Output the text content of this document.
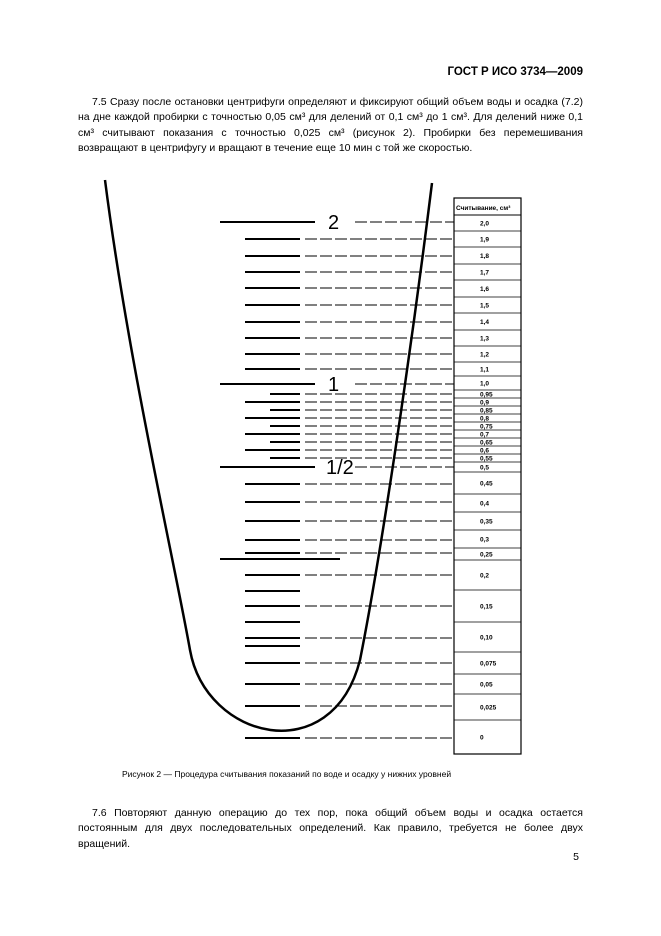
ГОСТ Р ИСО 3734—2009
7.5 Сразу после остановки центрифуги определяют и фиксируют общий объем воды и осадка (7.2) на дне каждой пробирки с точностью 0,05 см³ для делений от 0,1 см³ до 1 см³. Для делений ниже 0,1 см³ считывают показания с точностью 0,025 см³ (рисунок 2). Пробирки без перемешивания возвращают в центрифугу и вращают в течение еще 10 мин с той же скоростью.
2
1
1/2
Считывание, см³
2,0
1,9
1,8
1,7
1,6
1,5
1,4
1,3
1,2
1,1
1,0
0,95
0,9
0,85
0,8
0,75
0,7
0,65
0,6
0,55
0,5
0,45
0,4
0,35
0,3
0,25
0,2
0,15
0,10
0,075
0,05
0,025
0
Рисунок 2 — Процедура считывания показаний по воде и осадку у нижних уровней
7.6 Повторяют данную операцию до тех пор, пока общий объем воды и осадка остается постоянным для двух последовательных определений. Как правило, требуется не более двух вращений.
5
